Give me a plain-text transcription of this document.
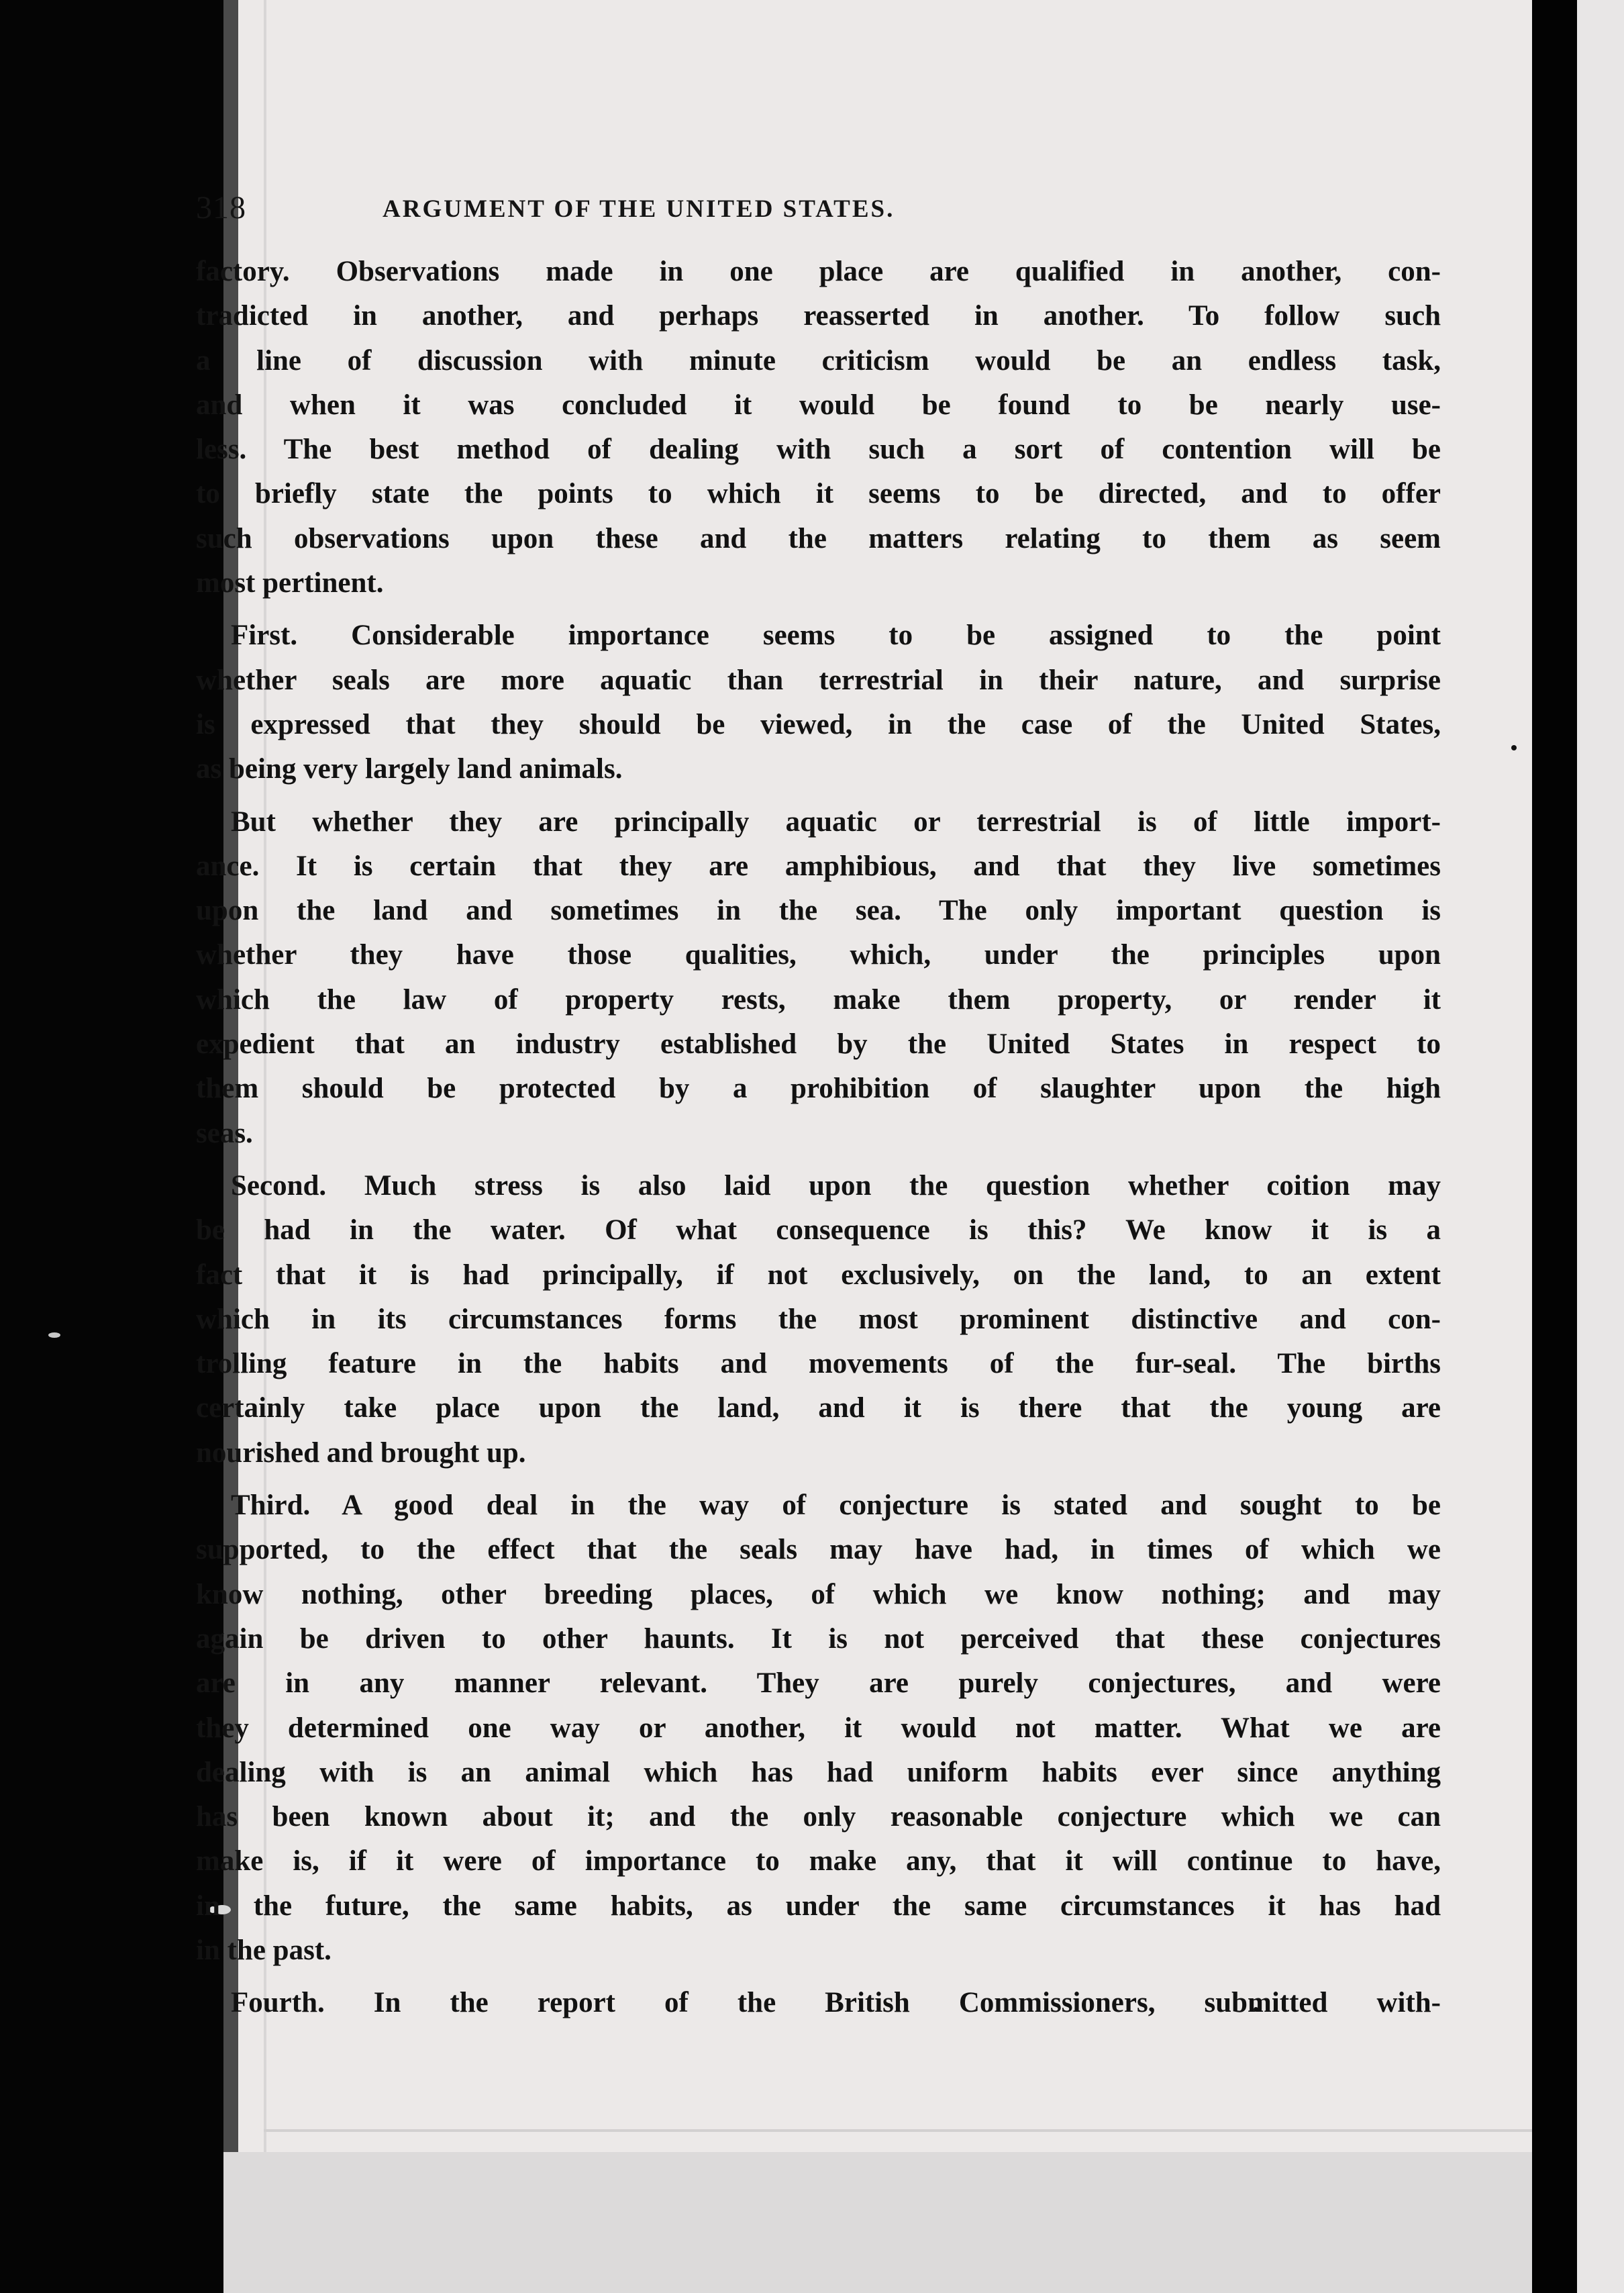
318	ARGUMENT OF THE UNITED STATES.
factory. Observations made in one place are qualified in another, con-
tradicted in another, and perhaps reasserted in another. To follow such
a line of discussion with minute criticism would be an endless task,
and when it was concluded it would be found to be nearly use-
less. The best method of dealing with such a sort of contention will be
to briefly state the points to which it seems to be directed, and to offer
such observations upon these and the matters relating to them as seem
most pertinent.
First. Considerable importance seems to be assigned to the point
whether seals are more aquatic than terrestrial in their nature, and surprise
is expressed that they should be viewed, in the case of the United States,
as being very largely land animals.
But whether they are principally aquatic or terrestrial is of little import-
ance. It is certain that they are amphibious, and that they live sometimes
upon the land and sometimes in the sea. The only important question is
whether they have those qualities, which, under the principles upon
which the law of property rests, make them property, or render it
expedient that an industry established by the United States in respect to
them should be protected by a prohibition of slaughter upon the high
seas.
Second. Much stress is also laid upon the question whether coition may
be had in the water. Of what consequence is this? We know it is a
fact that it is had principally, if not exclusively, on the land, to an extent
which in its circumstances forms the most prominent distinctive and con-
trolling feature in the habits and movements of the fur-seal. The births
certainly take place upon the land, and it is there that the young are
nourished and brought up.
Third. A good deal in the way of conjecture is stated and sought to be
supported, to the effect that the seals may have had, in times of which we
know nothing, other breeding places, of which we know nothing; and may
again be driven to other haunts. It is not perceived that these conjectures
are in any manner relevant. They are purely conjectures, and were
they determined one way or another, it would not matter. What we are
dealing with is an animal which has had uniform habits ever since anything
has been known about it; and the only reasonable conjecture which we can
make is, if it were of importance to make any, that it will continue to have,
in the future, the same habits, as under the same circumstances it has had
in the past.
Fourth. In the report of the British Commissioners, submitted with-
